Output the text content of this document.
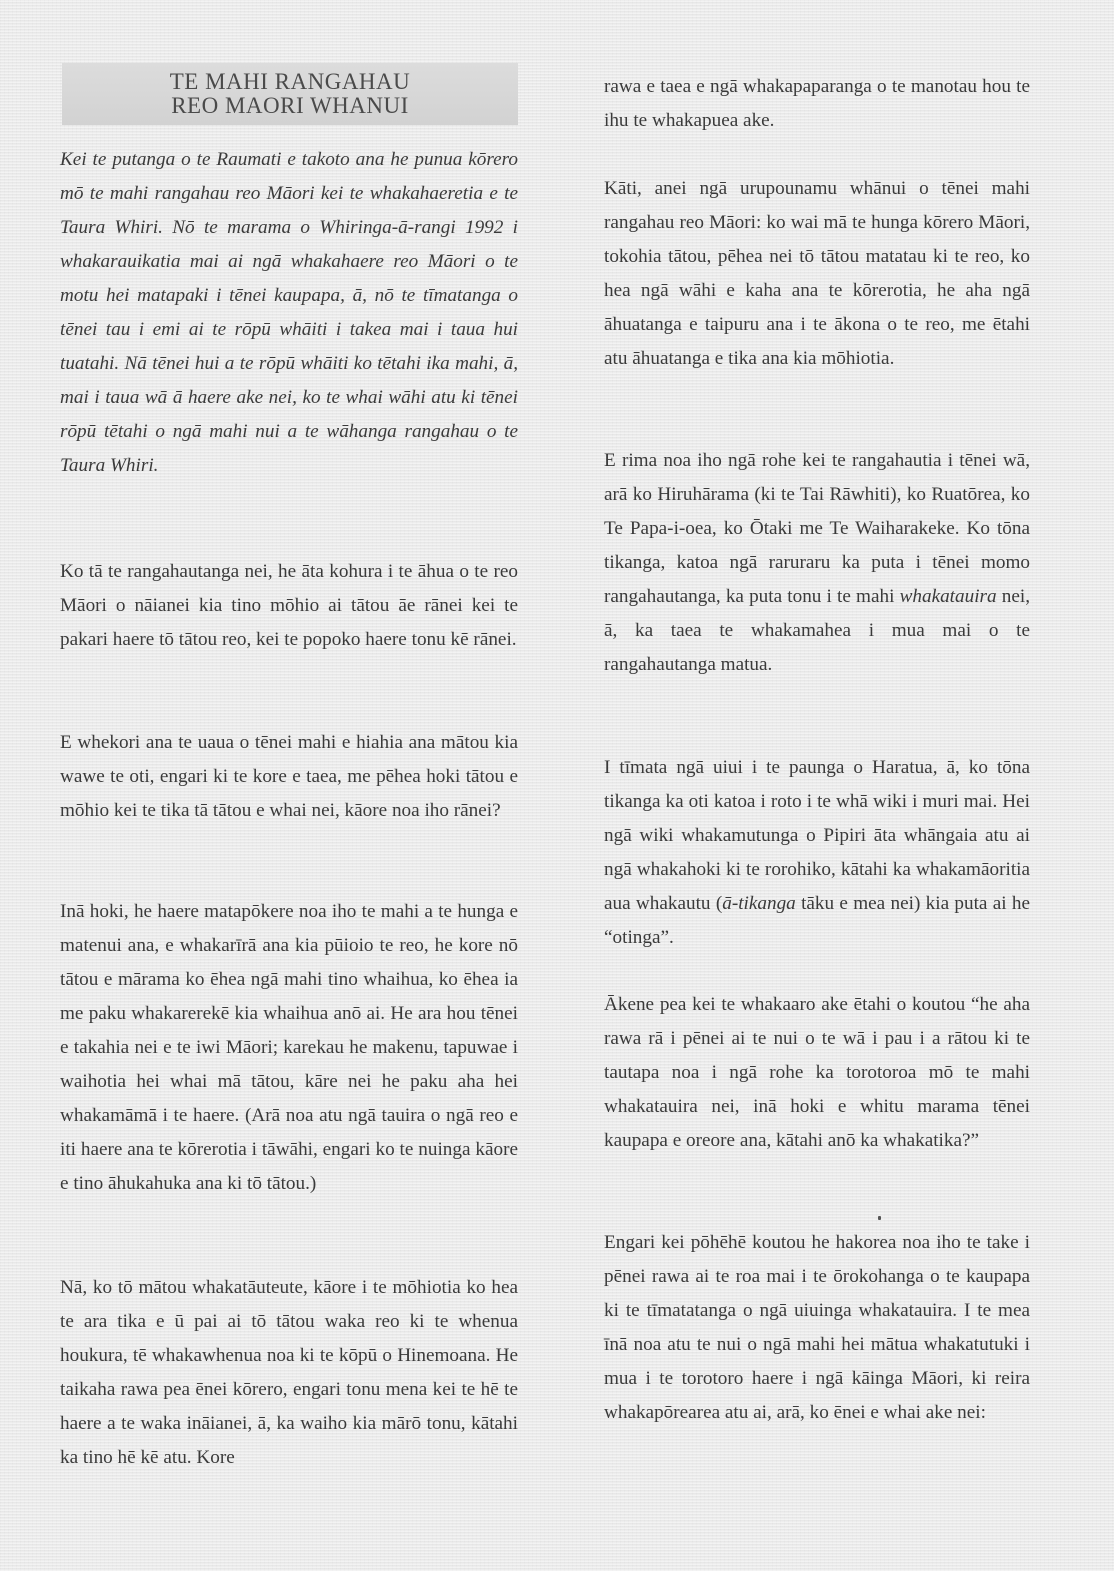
TE MAHI RANGAHAU
REO MAORI WHANUI

Kei te putanga o te Raumati e takoto ana he punua kōrero mō te mahi rangahau reo Māori kei te whakahaeretia e te Taura Whiri. Nō te marama o Whiringa-ā-rangi 1992 i whakarauikatia mai ai ngā whakahaere reo Māori o te motu hei matapaki i tēnei kaupapa, ā, nō te tīmatanga o tēnei tau i emi ai te rōpū whāiti i takea mai i taua hui tuatahi. Nā tēnei hui a te rōpū whāiti ko tētahi ika mahi, ā, mai i taua wā ā haere ake nei, ko te whai wāhi atu ki tēnei rōpū tētahi o ngā mahi nui a te wāhanga rangahau o te Taura Whiri.

Ko tā te rangahautanga nei, he āta kohura i te āhua o te reo Māori o nāianei kia tino mōhio ai tātou āe rānei kei te pakari haere tō tātou reo, kei te popoko haere tonu kē rānei.

E whekori ana te uaua o tēnei mahi e hiahia ana mātou kia wawe te oti, engari ki te kore e taea, me pēhea hoki tātou e mōhio kei te tika tā tātou e whai nei, kāore noa iho rānei?

Inā hoki, he haere matapōkere noa iho te mahi a te hunga e matenui ana, e whakarīrā ana kia pūioio te reo, he kore nō tātou e mārama ko ēhea ngā mahi tino whaihua, ko ēhea ia me paku whakarerekē kia whaihua anō ai. He ara hou tēnei e takahia nei e te iwi Māori; karekau he makenu, tapuwae i waihotia hei whai mā tātou, kāre nei he paku aha hei whakamāmā i te haere. (Arā noa atu ngā tauira o ngā reo e iti haere ana te kōrerotia i tāwāhi, engari ko te nuinga kāore e tino āhukahuka ana ki tō tātou.)

Nā, ko tō mātou whakatāuteute, kāore i te mōhiotia ko hea te ara tika e ū pai ai tō tātou waka reo ki te whenua houkura, tē whakawhenua noa ki te kōpū o Hinemoana. He taikaha rawa pea ēnei kōrero, engari tonu mena kei te hē te haere a te waka ināianei, ā, ka waiho kia mārō tonu, kātahi ka tino hē kē atu. Kore

rawa e taea e ngā whakapaparanga o te manotau hou te ihu te whakapuea ake.

Kāti, anei ngā urupounamu whānui o tēnei mahi rangahau reo Māori: ko wai mā te hunga kōrero Māori, tokohia tātou, pēhea nei tō tātou matatau ki te reo, ko hea ngā wāhi e kaha ana te kōrerotia, he aha ngā āhuatanga e taipuru ana i te ākona o te reo, me ētahi atu āhuatanga e tika ana kia mōhiotia.

E rima noa iho ngā rohe kei te rangahautia i tēnei wā, arā ko Hiruhārama (ki te Tai Rāwhiti), ko Ruatōrea, ko Te Papa-i-oea, ko Ōtaki me Te Waiharakeke. Ko tōna tikanga, katoa ngā raruraru ka puta i tēnei momo rangahautanga, ka puta tonu i te mahi whakatauira nei, ā, ka taea te whakamahea i mua mai o te rangahautanga matua.

I tīmata ngā uiui i te paunga o Haratua, ā, ko tōna tikanga ka oti katoa i roto i te whā wiki i muri mai. Hei ngā wiki whakamutunga o Pipiri āta whāngaia atu ai ngā whakahoki ki te rorohiko, kātahi ka whakamāoritia aua whakautu (ā-tikanga tāku e mea nei) kia puta ai he “otinga”.

Ākene pea kei te whakaaro ake ētahi o koutou “he aha rawa rā i pēnei ai te nui o te wā i pau i a rātou ki te tautapa noa i ngā rohe ka torotoroa mō te mahi whakatauira nei, inā hoki e whitu marama tēnei kaupapa e oreore ana, kātahi anō ka whakatika?”

Engari kei pōhēhē koutou he hakorea noa iho te take i pēnei rawa ai te roa mai i te ōrokohanga o te kaupapa ki te tīmatatanga o ngā uiuinga whakatauira. I te mea īnā noa atu te nui o ngā mahi hei mātua whakatutuki i mua i te torotoro haere i ngā kāinga Māori, ki reira whakapōrearea atu ai, arā, ko ēnei e whai ake nei:
